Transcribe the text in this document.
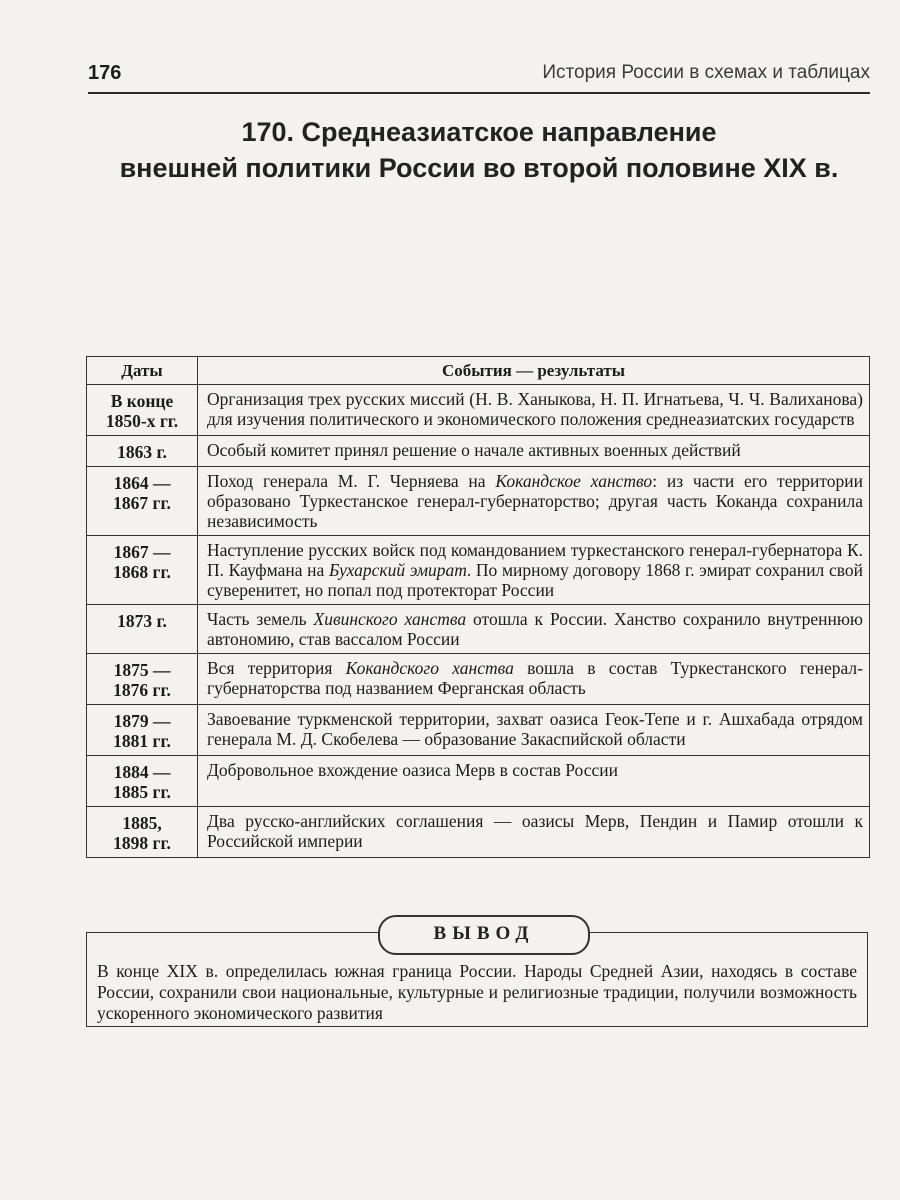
176	История России в схемах и таблицах
170. Среднеазиатское направление
внешней политики России во второй половине XIX в.
Даты	События — результаты

В конце
1850-х гг.	Организация трех русских миссий (Н. В. Ханыкова, Н. П. Игнатьева, Ч. Ч. Валиханова) для изучения политического и экономического положения среднеазиатских государств

1863 г.	Особый комитет принял решение о начале активных военных действий

1864 —
1867 гг.	Поход генерала М. Г. Черняева на Кокандское ханство: из части его территории образовано Туркестанское генерал-губернаторство; другая часть Коканда сохранила независимость

1867 —
1868 гг.	Наступление русских войск под командованием туркестанского генерал-губернатора К. П. Кауфмана на Бухарский эмират. По мирному договору 1868 г. эмират сохранил свой суверенитет, но попал под протекторат России

1873 г.	Часть земель Хивинского ханства отошла к России. Ханство сохранило внутреннюю автономию, став вассалом России

1875 —
1876 гг.	Вся территория Кокандского ханства вошла в состав Туркестанского генерал-губернаторства под названием Ферганская область

1879 —
1881 гг.	Завоевание туркменской территории, захват оазиса Геок-Тепе и г. Ашхабада отрядом генерала М. Д. Скобелева — образование Закаспийской области

1884 —
1885 гг.	Добровольное вхождение оазиса Мерв в состав России

1885,
1898 гг.	Два русско-английских соглашения — оазисы Мерв, Пендин и Памир отошли к Российской империи
В конце XIX в. определилась южная граница России. Народы Средней Азии, находясь в составе России, сохранили свои национальные, культурные и религиозные традиции, получили возможность ускоренного экономического развития
ВЫВОД
